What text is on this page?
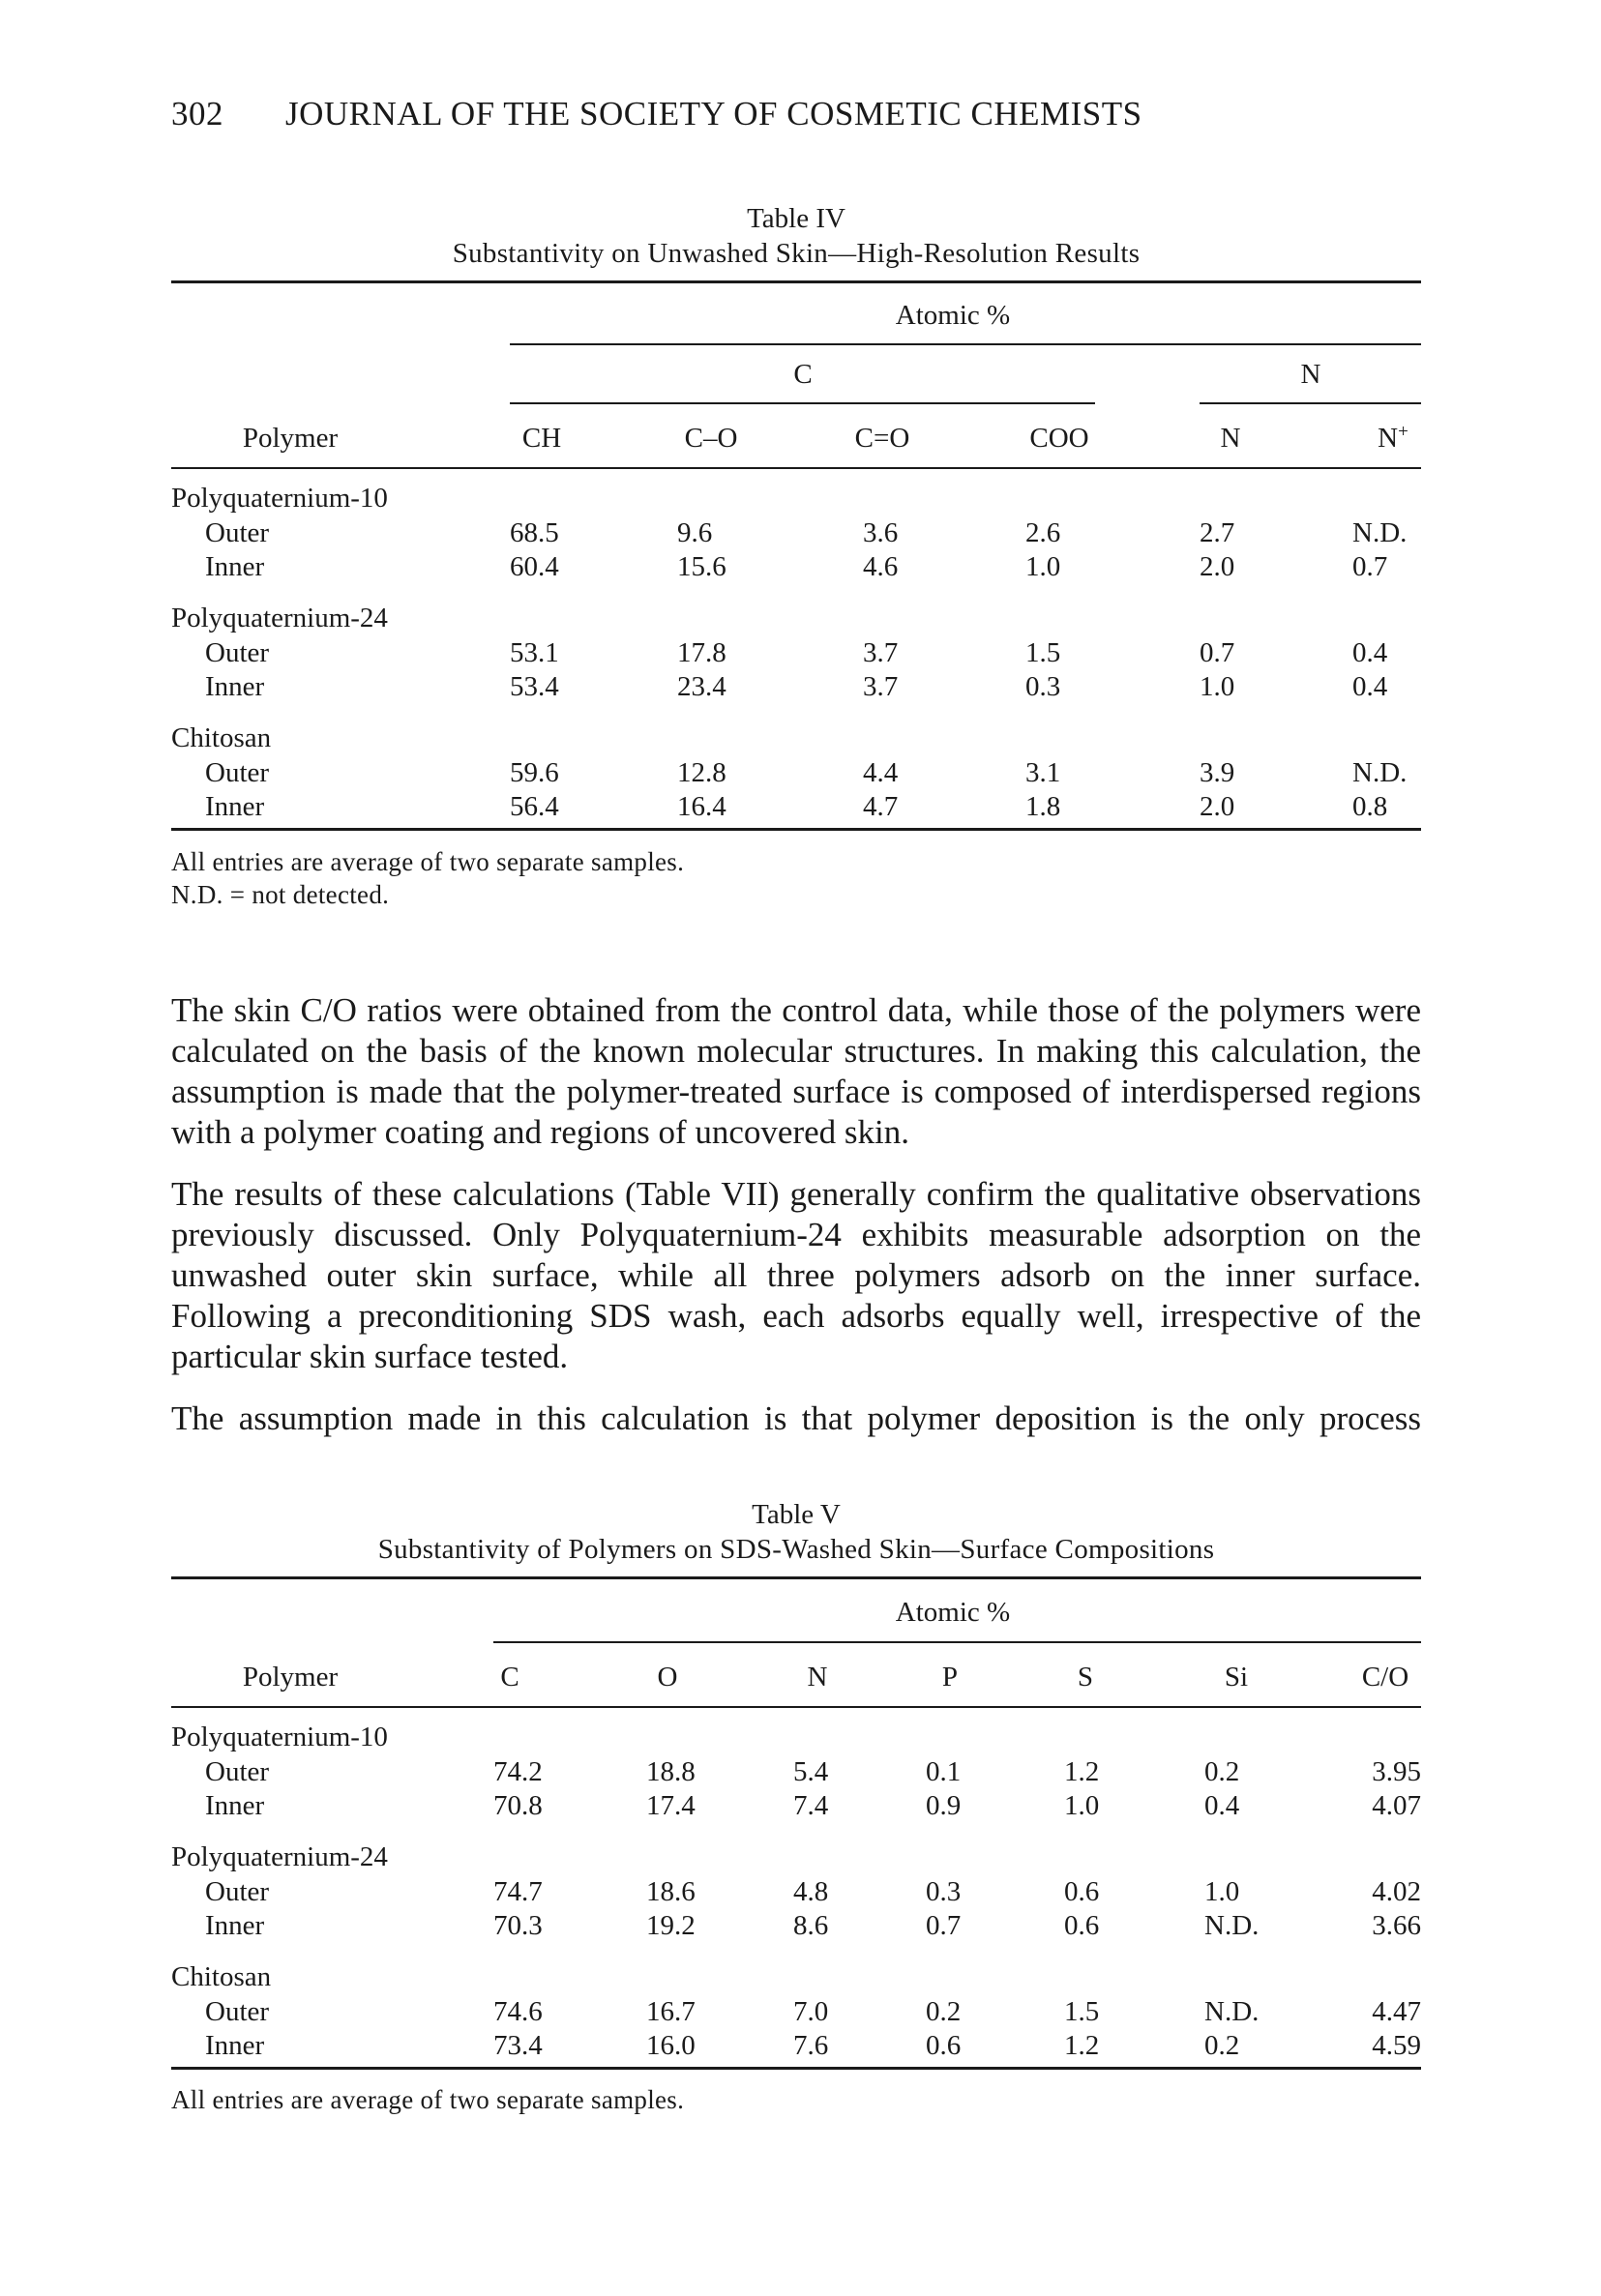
302 JOURNAL OF THE SOCIETY OF COSMETIC CHEMISTS
Table IV
Substantivity on Unwashed Skin—High-Resolution Results
Atomic %
C	N
Polymer	CH	C–O	C=O	COO	N	N+
Polyquaternium-10
Outer	68.5	9.6	3.6	2.6	2.7	N.D.
Inner	60.4	15.6	4.6	1.0	2.0	0.7
Polyquaternium-24
Outer	53.1	17.8	3.7	1.5	0.7	0.4
Inner	53.4	23.4	3.7	0.3	1.0	0.4
Chitosan
Outer	59.6	12.8	4.4	3.1	3.9	N.D.
Inner	56.4	16.4	4.7	1.8	2.0	0.8
All entries are average of two separate samples.
N.D. = not detected.

The skin C/O ratios were obtained from the control data, while those of the polymers were calculated on the basis of the known molecular structures. In making this calculation, the assumption is made that the polymer-treated surface is composed of interdispersed regions with a polymer coating and regions of uncovered skin.

The results of these calculations (Table VII) generally confirm the qualitative observations previously discussed. Only Polyquaternium-24 exhibits measurable adsorption on the unwashed outer skin surface, while all three polymers adsorb on the inner surface. Following a preconditioning SDS wash, each adsorbs equally well, irrespective of the particular skin surface tested.

The assumption made in this calculation is that polymer deposition is the only process

Table V
Substantivity of Polymers on SDS-Washed Skin—Surface Compositions
Atomic %
Polymer	C	O	N	P	S	Si	C/O
Polyquaternium-10
Outer	74.2	18.8	5.4	0.1	1.2	0.2	3.95
Inner	70.8	17.4	7.4	0.9	1.0	0.4	4.07
Polyquaternium-24
Outer	74.7	18.6	4.8	0.3	0.6	1.0	4.02
Inner	70.3	19.2	8.6	0.7	0.6	N.D.	3.66
Chitosan
Outer	74.6	16.7	7.0	0.2	1.5	N.D.	4.47
Inner	73.4	16.0	7.6	0.6	1.2	0.2	4.59
All entries are average of two separate samples.
